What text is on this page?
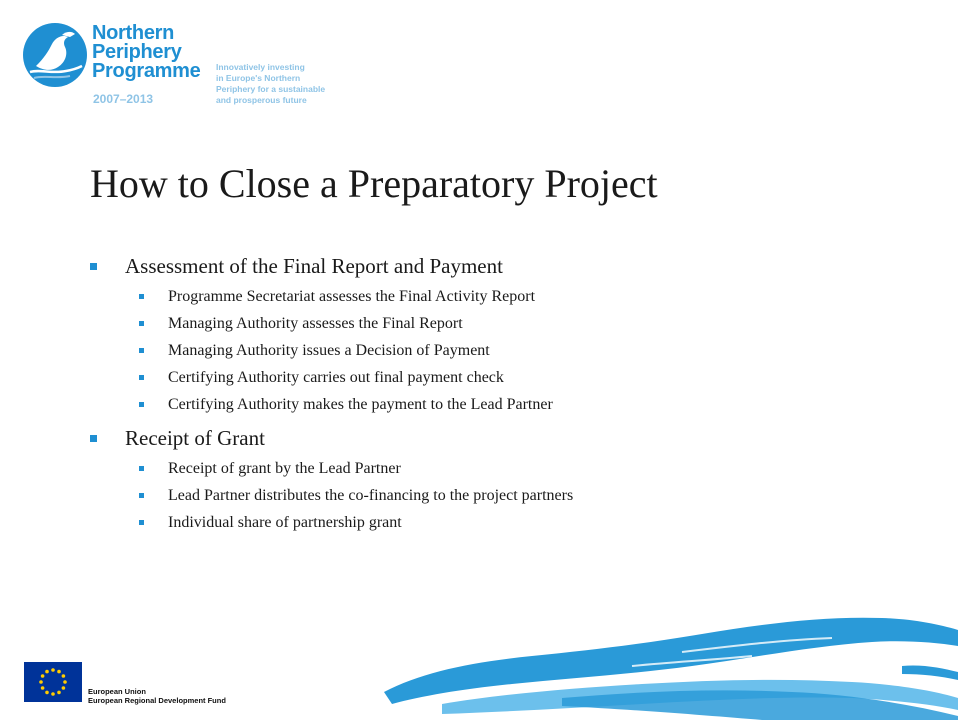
Northern
Periphery
Programme
2007–2013
Innovatively investing
in Europe's Northern
Periphery for a sustainable
and prosperous future
How to Close a Preparatory Project
Assessment of the Final Report and Payment
Programme Secretariat assesses the Final Activity Report
Managing Authority assesses the Final Report
Managing Authority issues a Decision of Payment
Certifying Authority carries out final payment check
Certifying Authority makes the payment to the Lead Partner
Receipt of Grant
Receipt of grant by the Lead Partner
Lead Partner distributes the co-financing to the project partners
Individual share of partnership grant
European Union
European Regional Development Fund
